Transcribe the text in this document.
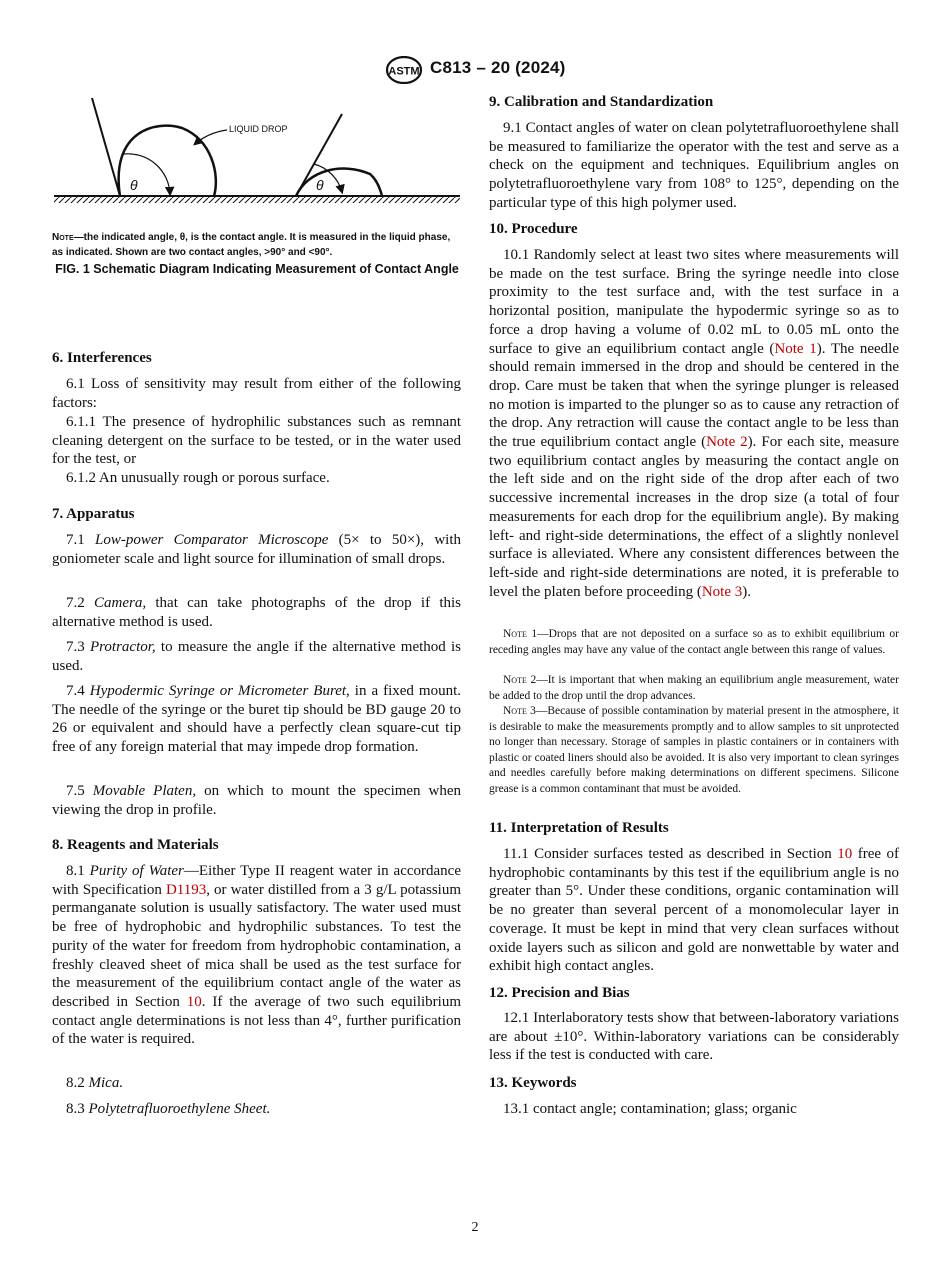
ASTM C813 – 20 (2024)
θ
LIQUID DROP
θ
Note—the indicated angle, θ, is the contact angle. It is measured in the liquid phase, as indicated. Shown are two contact angles, >90° and <90°.
FIG. 1 Schematic Diagram Indicating Measurement of Contact Angle

6. Interferences

6.1 Loss of sensitivity may result from either of the following factors:

6.1.1 The presence of hydrophilic substances such as remnant cleaning detergent on the surface to be tested, or in the water used for the test, or

6.1.2 An unusually rough or porous surface.

7. Apparatus

7.1 Low-power Comparator Microscope (5× to 50×), with goniometer scale and light source for illumination of small drops.

7.2 Camera, that can take photographs of the drop if this alternative method is used.

7.3 Protractor, to measure the angle if the alternative method is used.

7.4 Hypodermic Syringe or Micrometer Buret, in a fixed mount. The needle of the syringe or the buret tip should be BD gauge 20 to 26 or equivalent and should have a perfectly clean square-cut tip free of any foreign material that may impede drop formation.

7.5 Movable Platen, on which to mount the specimen when viewing the drop in profile.

8. Reagents and Materials

8.1 Purity of Water—Either Type II reagent water in accordance with Specification D1193, or water distilled from a 3 g/L potassium permanganate solution is usually satisfactory. The water used must be free of hydrophobic and hydrophilic substances. To test the purity of the water for freedom from hydrophobic contamination, a freshly cleaved sheet of mica shall be used as the test surface for the measurement of the equilibrium contact angle of the water as described in Section 10. If the average of two such equilibrium contact angle determinations is not less than 4°, further purification of the water is required.

8.2 Mica.

8.3 Polytetrafluoroethylene Sheet.

9. Calibration and Standardization

9.1 Contact angles of water on clean polytetrafluoroethylene shall be measured to familiarize the operator with the test and serve as a check on the equipment and techniques. Equilibrium angles on polytetrafluoroethylene vary from 108° to 125°, depending on the particular type of this high polymer used.

10. Procedure

10.1 Randomly select at least two sites where measurements will be made on the test surface. Bring the syringe needle into close proximity to the test surface and, with the test surface in a horizontal position, manipulate the hypodermic syringe so as to force a drop having a volume of 0.02 mL to 0.05 mL onto the surface to give an equilibrium contact angle (Note 1). The needle should remain immersed in the drop and should be centered in the drop. Care must be taken that when the syringe plunger is released no motion is imparted to the plunger so as to cause any retraction of the drop. Any retraction will cause the contact angle to be less than the true equilibrium contact angle (Note 2). For each site, measure two equilibrium contact angles by measuring the contact angle on the left side and on the right side of the drop after each of two successive incremental increases in the drop size (a total of four measurements for each drop for the equilibrium angle). By making left- and right-side determinations, the effect of a slightly nonlevel surface is alleviated. Where any consistent differences between the left-side and right-side determinations are noted, it is preferable to level the platen before proceeding (Note 3).

Note 1—Drops that are not deposited on a surface so as to exhibit equilibrium or receding angles may have any value of the contact angle between this range of values.

Note 2—It is important that when making an equilibrium angle measurement, water be added to the drop until the drop advances.

Note 3—Because of possible contamination by material present in the atmosphere, it is desirable to make the measurements promptly and to allow samples to sit unprotected no longer than necessary. Storage of samples in plastic containers or in containers with plastic or coated liners should also be avoided. It is also very important to clean syringes and needles carefully before making determinations on different specimens. Silicone grease is a common contaminant that must be avoided.

11. Interpretation of Results

11.1 Consider surfaces tested as described in Section 10 free of hydrophobic contaminants by this test if the equilibrium angle is no greater than 5°. Under these conditions, organic contamination will be no greater than several percent of a monomolecular layer in coverage. It must be kept in mind that very clean surfaces without oxide layers such as silicon and gold are nonwettable by water and exhibit high contact angles.

12. Precision and Bias

12.1 Interlaboratory tests show that between-laboratory variations are about ±10°. Within-laboratory variations can be considerably less if the test is conducted with care.

13. Keywords

13.1 contact angle; contamination; glass; organic

2
